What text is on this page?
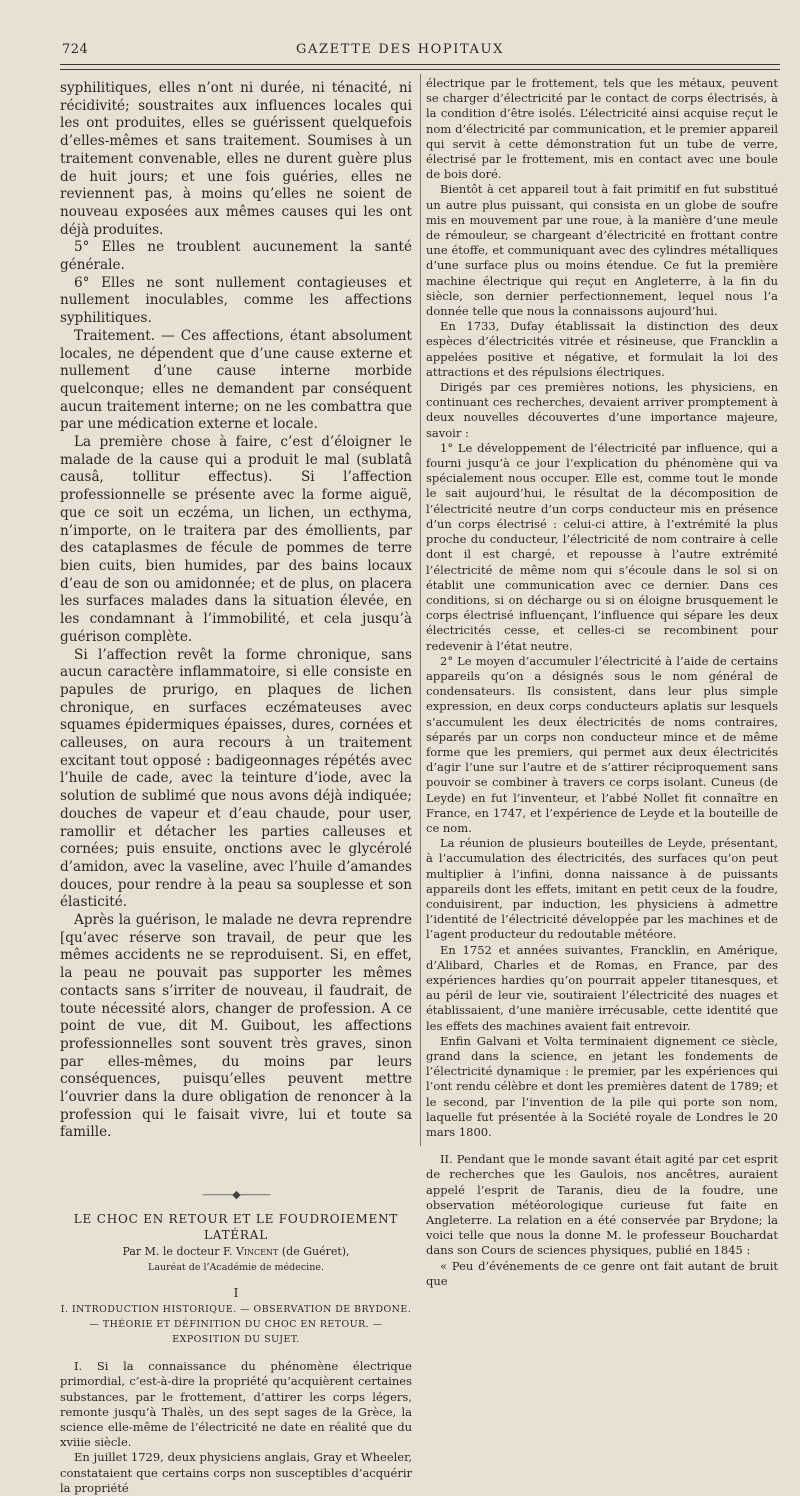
724	GAZETTE DES HOPITAUX

syphilitiques, elles n’ont ni durée, ni ténacité, ni récidivité; soustraites aux influences locales qui les ont produites, elles se guérissent quelquefois d’elles-mêmes et sans traitement. Soumises à un traitement convenable, elles ne durent guère plus de huit jours; et une fois guéries, elles ne reviennent pas, à moins qu’elles ne soient de nouveau exposées aux mêmes causes qui les ont déjà produites.

5° Elles ne troublent aucunement la santé générale.

6° Elles ne sont nullement contagieuses et nullement inoculables, comme les affections syphilitiques.

Traitement. — Ces affections, étant absolument locales, ne dépendent que d’une cause externe et nullement d’une cause interne morbide quelconque; elles ne demandent par conséquent aucun traitement interne; on ne les combattra que par une médication externe et locale.

La première chose à faire, c’est d’éloigner le malade de la cause qui a produit le mal (sublatâ causâ, tollitur effectus). Si l’affection professionnelle se présente avec la forme aiguë, que ce soit un eczéma, un lichen, un ecthyma, n’importe, on le traitera par des émollients, par des cataplasmes de fécule de pommes de terre bien cuits, bien humides, par des bains locaux d’eau de son ou amidonnée; et de plus, on placera les surfaces malades dans la situation élevée, en les condamnant à l’immobilité, et cela jusqu’à guérison complète.

Si l’affection revêt la forme chronique, sans aucun caractère inflammatoire, si elle consiste en papules de prurigo, en plaques de lichen chronique, en surfaces eczémateuses avec squames épidermiques épaisses, dures, cornées et calleuses, on aura recours à un traitement excitant tout opposé : badigeonnages répétés avec l’huile de cade, avec la teinture d’iode, avec la solution de sublimé que nous avons déjà indiquée; douches de vapeur et d’eau chaude, pour user, ramollir et détacher les parties calleuses et cornées; puis ensuite, onctions avec le glycérolé d’amidon, avec la vaseline, avec l’huile d’amandes douces, pour rendre à la peau sa souplesse et son élasticité.

Après la guérison, le malade ne devra reprendre [qu’avec réserve son travail, de peur que les mêmes accidents ne se reproduisent. Si, en effet, la peau ne pouvait pas supporter les mêmes contacts sans s’irriter de nouveau, il faudrait, de toute nécessité alors, changer de profession. A ce point de vue, dit M. Guibout, les affections professionnelles sont souvent très graves, sinon par elles-mêmes, du moins par leurs conséquences, puisqu’elles peuvent mettre l’ouvrier dans la dure obligation de renoncer à la profession qui le faisait vivre, lui et toute sa famille.

———◆———
LE CHOC EN RETOUR ET LE FOUDROIEMENT LATÉRAL
Par M. le docteur F. Vincent (de Guéret),
Lauréat de l’Académie de médecine.
I
I. INTRODUCTION HISTORIQUE. — OBSERVATION DE BRYDONE. — THÉORIE ET DÉFINITION DU CHOC EN RETOUR. — EXPOSITION DU SUJET.

I. Si la connaissance du phénomène électrique primordial, c’est-à-dire la propriété qu’acquièrent certaines substances, par le frottement, d’attirer les corps légers, remonte jusqu’à Thalès, un des sept sages de la Grèce, la science elle-même de l’électricité ne date en réalité que du xviiie siècle.

En juillet 1729, deux physiciens anglais, Gray et Wheeler, constataient que certains corps non susceptibles d’acquérir la propriété

électrique par le frottement, tels que les métaux, peuvent se charger d’électricité par le contact de corps électrisés, à la condition d’être isolés. L’électricité ainsi acquise reçut le nom d’électricité par communication, et le premier appareil qui servit à cette démonstration fut un tube de verre, électrisé par le frottement, mis en contact avec une boule de bois doré.

Bientôt à cet appareil tout à fait primitif en fut substitué un autre plus puissant, qui consista en un globe de soufre mis en mouvement par une roue, à la manière d’une meule de rémouleur, se chargeant d’électricité en frottant contre une étoffe, et communiquant avec des cylindres métalliques d’une surface plus ou moins étendue. Ce fut la première machine électrique qui reçut en Angleterre, à la fin du siècle, son dernier perfectionnement, lequel nous l’a donnée telle que nous la connaissons aujourd’hui.

En 1733, Dufay établissait la distinction des deux espèces d’électricités vitrée et résineuse, que Francklin a appelées positive et négative, et formulait la loi des attractions et des répulsions électriques.

Dirigés par ces premières notions, les physiciens, en continuant ces recherches, devaient arriver promptement à deux nouvelles découvertes d’une importance majeure, savoir :

1° Le développement de l’électricité par influence, qui a fourni jusqu’à ce jour l’explication du phénomène qui va spécialement nous occuper. Elle est, comme tout le monde le sait aujourd’hui, le résultat de la décomposition de l’électricité neutre d’un corps conducteur mis en présence d’un corps électrisé : celui-ci attire, à l’extrémité la plus proche du conducteur, l’électricité de nom contraire à celle dont il est chargé, et repousse à l’autre extrémité l’électricité de même nom qui s’écoule dans le sol si on établit une communication avec ce dernier. Dans ces conditions, si on décharge ou si on éloigne brusquement le corps électrisé influençant, l’influence qui sépare les deux électricités cesse, et celles-ci se recombinent pour redevenir à l’état neutre.

2° Le moyen d’accumuler l’électricité à l’aide de certains appareils qu’on a désignés sous le nom général de condensateurs. Ils consistent, dans leur plus simple expression, en deux corps conducteurs aplatis sur lesquels s’accumulent les deux électricités de noms contraires, séparés par un corps non conducteur mince et de même forme que les premiers, qui permet aux deux électricités d’agir l’une sur l’autre et de s’attirer réciproquement sans pouvoir se combiner à travers ce corps isolant. Cuneus (de Leyde) en fut l’inventeur, et l’abbé Nollet fit connaître en France, en 1747, et l’expérience de Leyde et la bouteille de ce nom.

La réunion de plusieurs bouteilles de Leyde, présentant, à l’accumulation des électricités, des surfaces qu’on peut multiplier à l’infini, donna naissance à de puissants appareils dont les effets, imitant en petit ceux de la foudre, conduisirent, par induction, les physiciens à admettre l’identité de l’électricité développée par les machines et de l’agent producteur du redoutable météore.

En 1752 et années suivantes, Francklin, en Amérique, d’Alibard, Charles et de Romas, en France, par des expériences hardies qu’on pourrait appeler titanesques, et au péril de leur vie, soutiraient l’électricité des nuages et établissaient, d’une manière irrécusable, cette identité que les effets des machines avaient fait entrevoir.

Enfin Galvani et Volta terminaient dignement ce siècle, grand dans la science, en jetant les fondements de l’électricité dynamique : le premier, par les expériences qui l’ont rendu célèbre et dont les premières datent de 1789; et le second, par l’invention de la pile qui porte son nom, laquelle fut présentée à la Société royale de Londres le 20 mars 1800.

II. Pendant que le monde savant était agité par cet esprit de recherches que les Gaulois, nos ancêtres, auraient appelé l’esprit de Taranis, dieu de la foudre, une observation météorologique curieuse fut faite en Angleterre. La relation en a été conservée par Brydone; la voici telle que nous la donne M. le professeur Bouchardat dans son Cours de sciences physiques, publié en 1845 :

« Peu d’événements de ce genre ont fait autant de bruit que
